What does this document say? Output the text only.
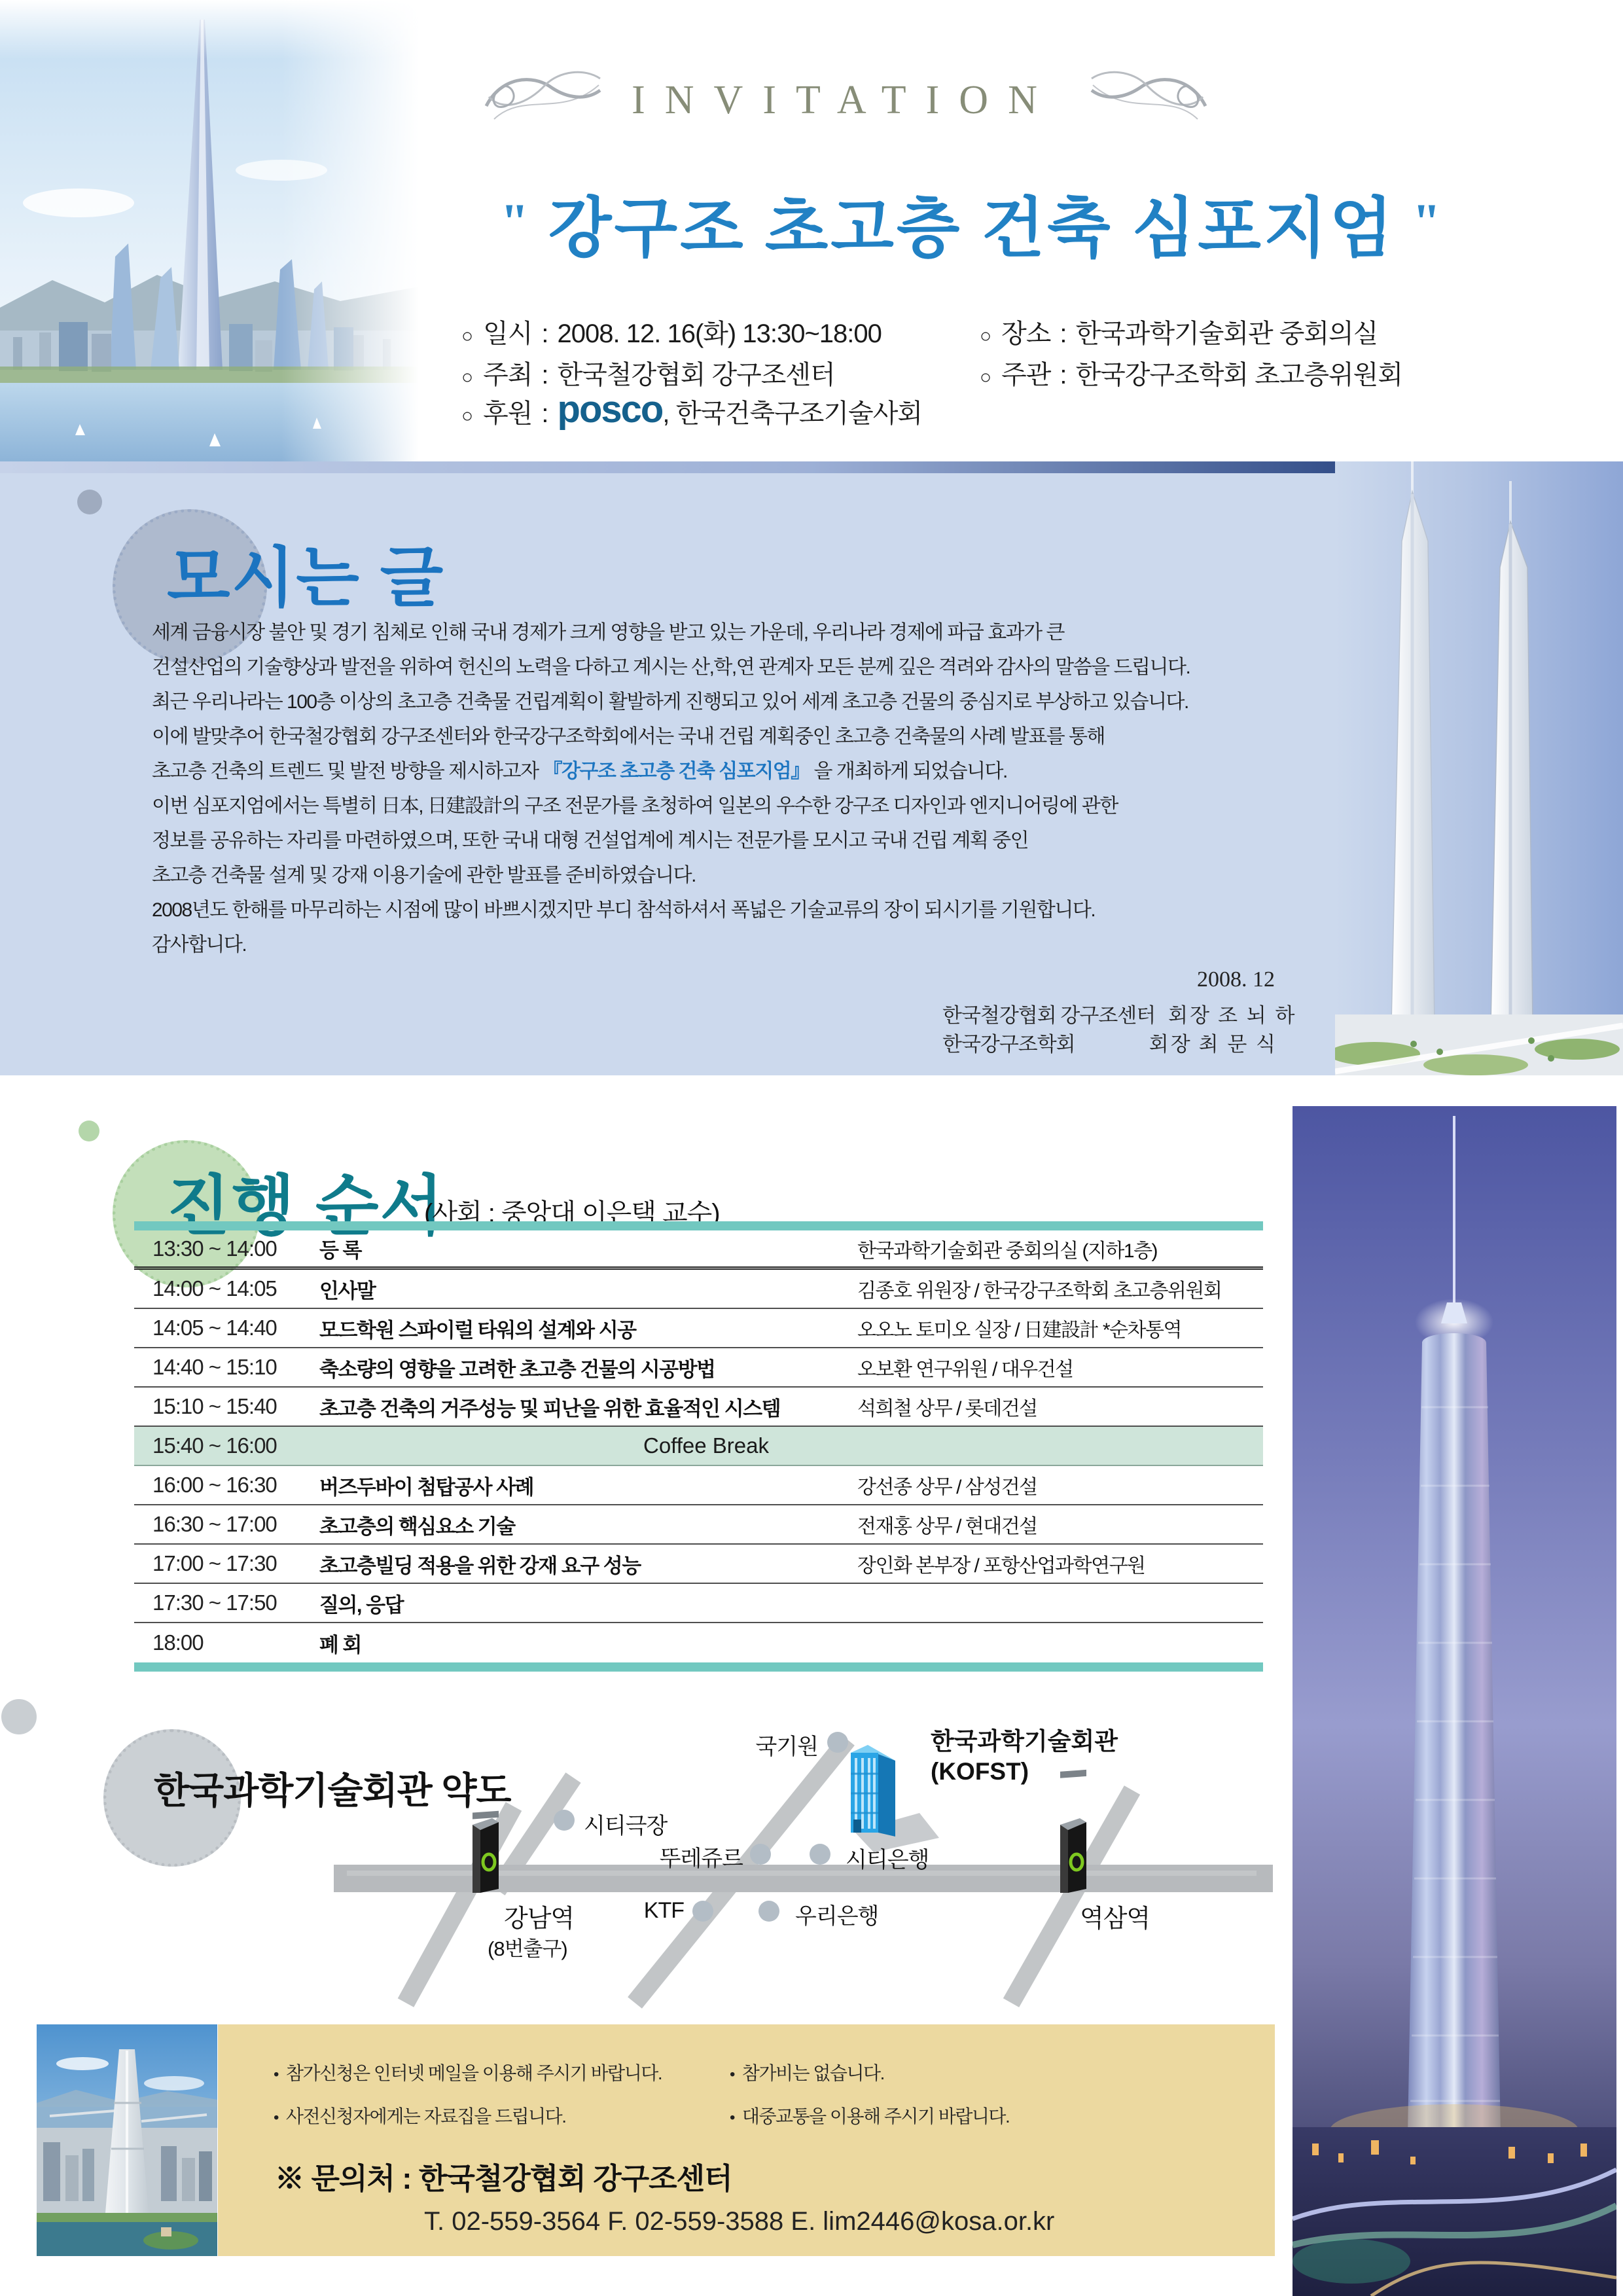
INVITATION
" 강구조 초고층 건축 심포지엄 "
○ 일시 : 2008. 12. 16(화) 13:30~18:00	○ 장소 : 한국과학기술회관 중회의실
○ 주최 : 한국철강협회 강구조센터	○ 주관 : 한국강구조학회 초고층위원회
○ 후원 : posco , 한국건축구조기술사회
모시는 글
세계 금융시장 불안 및 경기 침체로 인해 국내 경제가 크게 영향을 받고 있는 가운데, 우리나라 경제에 파급 효과가 큰
건설산업의 기술향상과 발전을 위하여 헌신의 노력을 다하고 계시는 산,학,연 관계자 모든 분께 깊은 격려와 감사의 말씀을 드립니다.
최근 우리나라는 100층 이상의 초고층 건축물 건립계획이 활발하게 진행되고 있어 세계 초고층 건물의 중심지로 부상하고 있습니다.
이에 발맞추어 한국철강협회 강구조센터와 한국강구조학회에서는 국내 건립 계획중인 초고층 건축물의 사례 발표를 통해
초고층 건축의 트렌드 및 발전 방향을 제시하고자 『강구조 초고층 건축 심포지엄』 을 개최하게 되었습니다.
이번 심포지엄에서는 특별히 日本, 日建設計의 구조 전문가를 초청하여 일본의 우수한 강구조 디자인과 엔지니어링에 관한
정보를 공유하는 자리를 마련하였으며, 또한 국내 대형 건설업계에 계시는 전문가를 모시고 국내 건립 계획 중인
초고층 건축물 설계 및 강재 이용기술에 관한 발표를 준비하였습니다.
2008년도 한해를 마무리하는 시점에 많이 바쁘시겠지만 부디 참석하셔서 폭넓은 기술교류의 장이 되시기를 기원합니다.
감사합니다.
2008. 12
한국철강협회 강구조센터 회장 조 뇌 하
한국강구조학회	회장 최 문 식
진행 순서
(사회 : 중앙대 이은택 교수)
13:30 ~ 14:00	등 록	한국과학기술회관 중회의실 (지하1층)
14:00 ~ 14:05	인사말	김종호 위원장 / 한국강구조학회 초고층위원회
14:05 ~ 14:40	모드학원 스파이럴 타워의 설계와 시공	오오노 토미오 실장 / 日建設計 *순차통역
14:40 ~ 15:10	축소량의 영향을 고려한 초고층 건물의 시공방법	오보환 연구위원 / 대우건설
15:10 ~ 15:40	초고층 건축의 거주성능 및 피난을 위한 효율적인 시스템	석희철 상무 / 롯데건설
15:40 ~ 16:00	Coffee Break
16:00 ~ 16:30	버즈두바이 첨탑공사 사례	강선종 상무 / 삼성건설
16:30 ~ 17:00	초고층의 핵심요소 기술	전재홍 상무 / 현대건설
17:00 ~ 17:30	초고층빌딩 적용을 위한 강재 요구 성능	장인화 본부장 / 포항산업과학연구원
17:30 ~ 17:50	질의, 응답
18:00	폐 회
한국과학기술회관 약도
국기원	한국과학기술회관
(KOFST)
시티극장
뚜레쥬르	시티은행
KTF	우리은행
강남역
(8번출구)
역삼역
• 참가신청은 인터넷 메일을 이용해 주시기 바랍니다.
• 사전신청자에게는 자료집을 드립니다.
• 참가비는 없습니다.
• 대중교통을 이용해 주시기 바랍니다.
※ 문의처 : 한국철강협회 강구조센터
T. 02-559-3564 F. 02-559-3588 E. lim2446@kosa.or.kr
